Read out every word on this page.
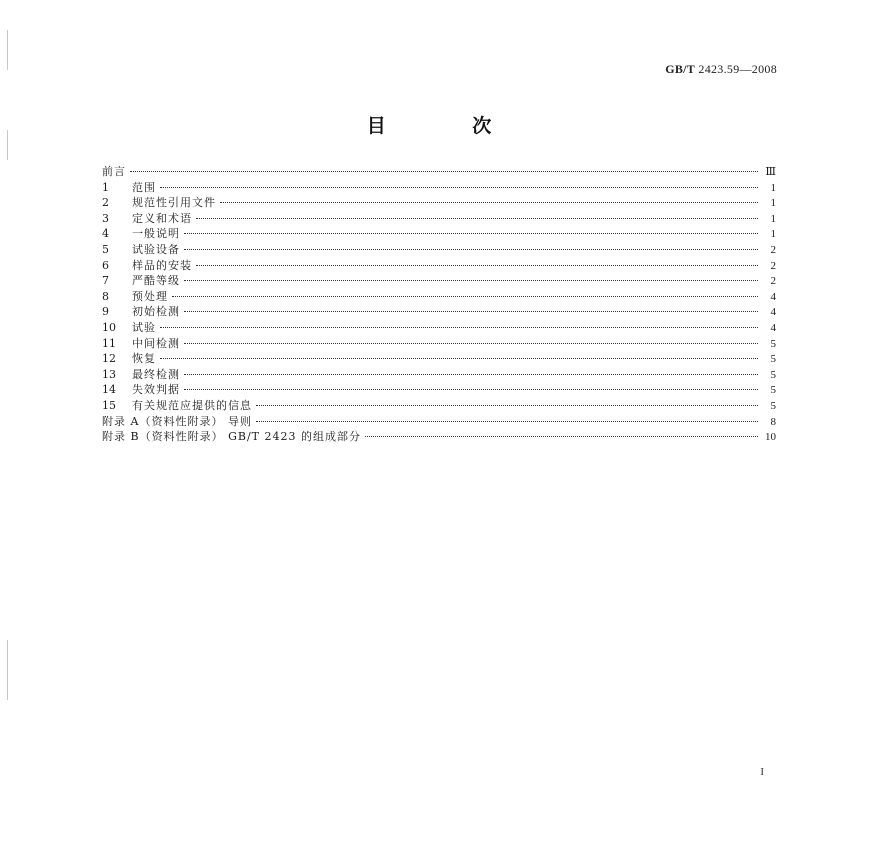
GB/T 2423.59—2008
目 次
前言	Ⅲ
1	范围	1
2	规范性引用文件	1
3	定义和术语	1
4	一般说明	1
5	试验设备	2
6	样品的安装	2
7	严酷等级	2
8	预处理	4
9	初始检测	4
10	试验	4
11	中间检测	5
12	恢复	5
13	最终检测	5
14	失效判据	5
15	有关规范应提供的信息	5
附录 A（资料性附录） 导则	8
附录 B（资料性附录） GB/T 2423 的组成部分	10
I
